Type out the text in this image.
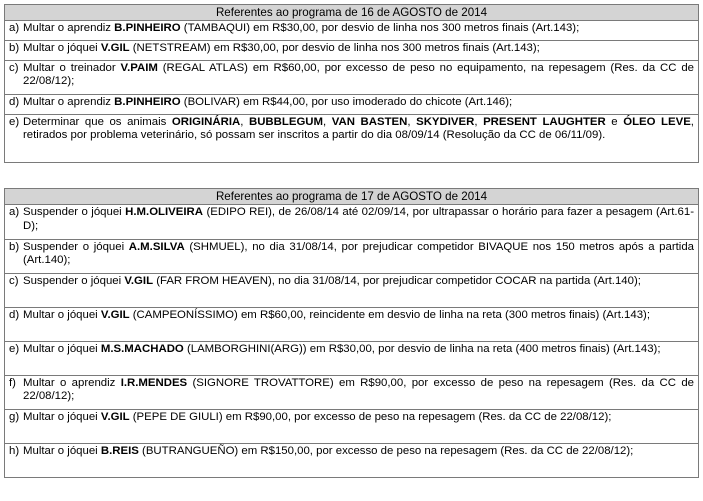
Referentes ao programa de 16 de AGOSTO de 2014
a) Multar o aprendiz B.PINHEIRO (TAMBAQUI) em R$30,00, por desvio de linha nos 300 metros finais (Art.143);

b) Multar o jóquei V.GIL (NETSTREAM) em R$30,00, por desvio de linha nos 300 metros finais (Art.143);

c) Multar o treinador V.PAIM (REGAL ATLAS) em R$60,00, por excesso de peso no equipamento, na repesagem (Res. da CC de 22/08/12);

d) Multar o aprendiz B.PINHEIRO (BOLIVAR) em R$44,00, por uso imoderado do chicote (Art.146);

e) Determinar que os animais ORIGINÁRIA, BUBBLEGUM, VAN BASTEN, SKYDIVER, PRESENT LAUGHTER e ÓLEO LEVE, retirados por problema veterinário, só possam ser inscritos a partir do dia 08/09/14 (Resolução da CC de 06/11/09).
Referentes ao programa de 17 de AGOSTO de 2014
a) Suspender o jóquei H.M.OLIVEIRA (EDIPO REI), de 26/08/14 até 02/09/14, por ultrapassar o horário para fazer a pesagem (Art.61-D);

b) Suspender o jóquei A.M.SILVA (SHMUEL), no dia 31/08/14, por prejudicar competidor BIVAQUE nos 150 metros após a partida (Art.140);

c) Suspender o jóquei V.GIL (FAR FROM HEAVEN), no dia 31/08/14, por prejudicar competidor COCAR na partida (Art.140);

d) Multar o jóquei V.GIL (CAMPEONÍSSIMO) em R$60,00, reincidente em desvio de linha na reta (300 metros finais) (Art.143);

e) Multar o jóquei M.S.MACHADO (LAMBORGHINI(ARG)) em R$30,00, por desvio de linha na reta (400 metros finais) (Art.143);

f) Multar o aprendiz I.R.MENDES (SIGNORE TROVATTORE) em R$90,00, por excesso de peso na repesagem (Res. da CC de 22/08/12);

g) Multar o jóquei V.GIL (PEPE DE GIULI) em R$90,00, por excesso de peso na repesagem (Res. da CC de 22/08/12);

h) Multar o jóquei B.REIS (BUTRANGUEÑO) em R$150,00, por excesso de peso na repesagem (Res. da CC de 22/08/12);
